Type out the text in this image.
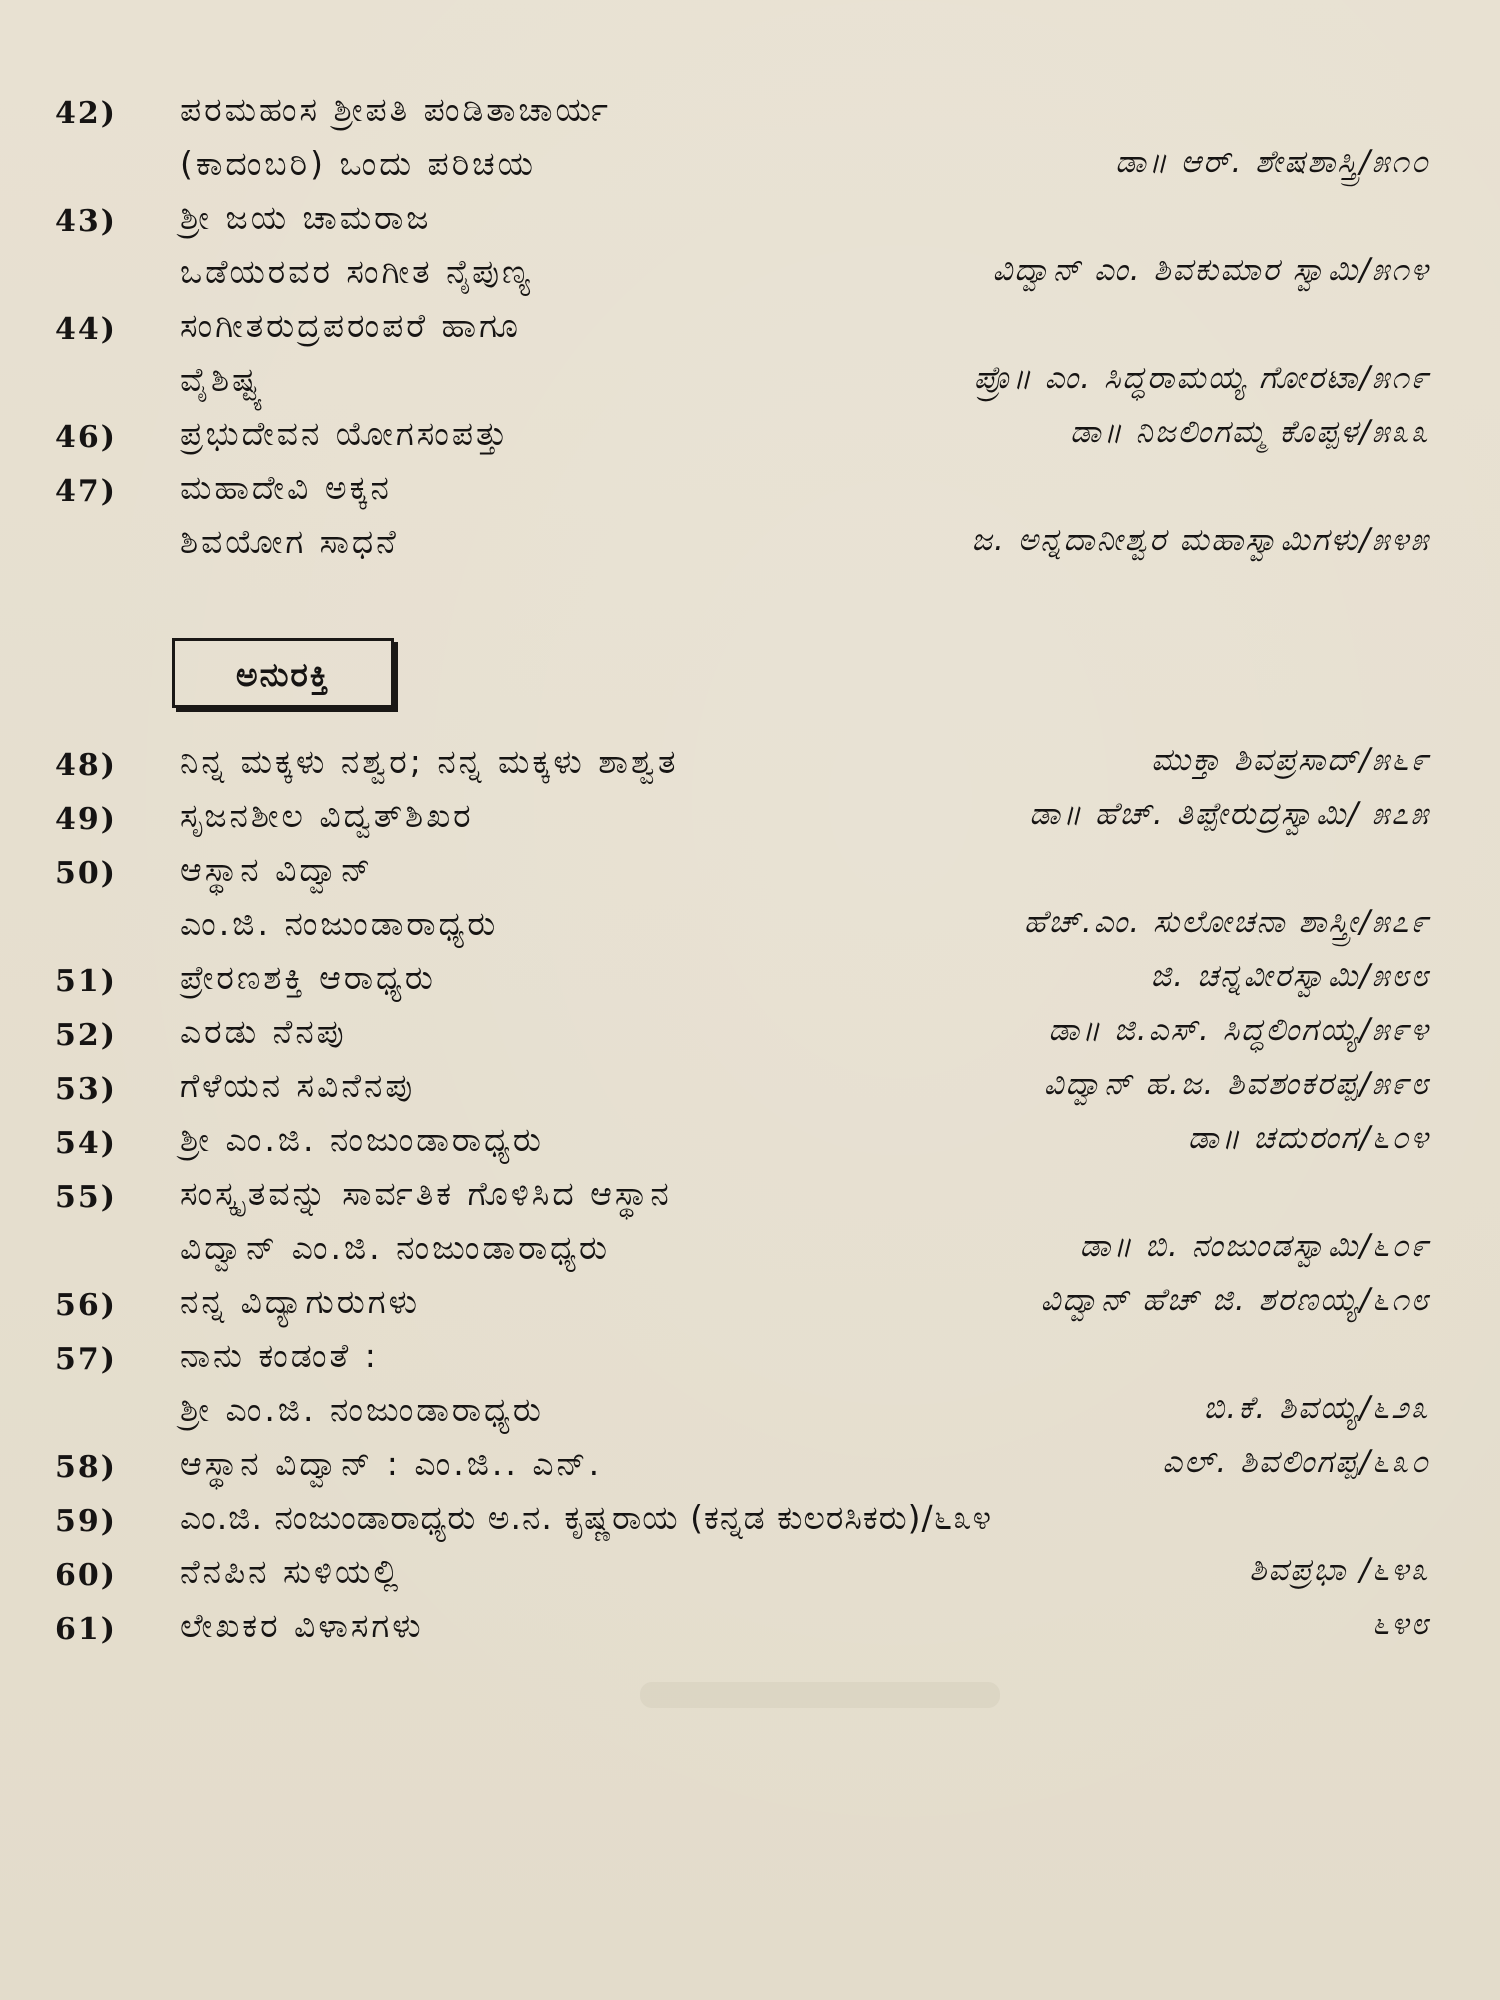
42)	ಪರಮಹಂಸ ಶ್ರೀಪತಿ ಪಂಡಿತಾಚಾರ್ಯ
(ಕಾದಂಬರಿ) ಒಂದು ಪರಿಚಯ	ಡಾ॥ ಆರ್. ಶೇಷಶಾಸ್ತ್ರಿ/೫೧೦
43)	ಶ್ರೀ ಜಯ ಚಾಮರಾಜ
ಒಡೆಯರವರ ಸಂಗೀತ ನೈಪುಣ್ಯ	ವಿದ್ವಾನ್ ಎಂ. ಶಿವಕುಮಾರ ಸ್ವಾಮಿ/೫೧೪
44)	ಸಂಗೀತರುದ್ರಪರಂಪರೆ ಹಾಗೂ
ವೈಶಿಷ್ಟ್ಯ	ಪ್ರೊ॥ ಎಂ. ಸಿದ್ಧರಾಮಯ್ಯ ಗೋರಟಾ/೫೧೯
46)	ಪ್ರಭುದೇವನ ಯೋಗಸಂಪತ್ತು	ಡಾ॥ ನಿಜಲಿಂಗಮ್ಮ ಕೊಪ್ಪಳ/೫೩೩
47)	ಮಹಾದೇವಿ ಅಕ್ಕನ
ಶಿವಯೋಗ ಸಾಧನೆ	ಜ. ಅನ್ನದಾನೀಶ್ವರ ಮಹಾಸ್ವಾಮಿಗಳು/೫೪೫
ಅನುರಕ್ತಿ
48)	ನಿನ್ನ ಮಕ್ಕಳು ನಶ್ವರ; ನನ್ನ ಮಕ್ಕಳು ಶಾಶ್ವತ	ಮುಕ್ತಾ ಶಿವಪ್ರಸಾದ್/೫೬೯
49)	ಸೃಜನಶೀಲ ವಿದ್ವತ್‌ಶಿಖರ	ಡಾ॥ ಹೆಚ್. ತಿಪ್ಪೇರುದ್ರಸ್ವಾಮಿ/ ೫೭೫
50)	ಆಸ್ಥಾನ ವಿದ್ವಾನ್
ಎಂ.ಜಿ. ನಂಜುಂಡಾರಾಧ್ಯರು	ಹೆಚ್.ಎಂ. ಸುಲೋಚನಾ ಶಾಸ್ತ್ರೀ/೫೭೯
51)	ಪ್ರೇರಣಶಕ್ತಿ ಆರಾಧ್ಯರು	ಜಿ. ಚನ್ನವೀರಸ್ವಾಮಿ/೫೮೮
52)	ಎರಡು ನೆನಪು	ಡಾ॥ ಜಿ.ಎಸ್. ಸಿದ್ಧಲಿಂಗಯ್ಯ/೫೯೪
53)	ಗೆಳೆಯನ ಸವಿನೆನಪು	ವಿದ್ವಾನ್ ಹ.ಜ. ಶಿವಶಂಕರಪ್ಪ/೫೯೮
54)	ಶ್ರೀ ಎಂ.ಜಿ. ನಂಜುಂಡಾರಾಧ್ಯರು	ಡಾ॥ ಚದುರಂಗ/೬೦೪
55)	ಸಂಸ್ಕೃತವನ್ನು ಸಾರ್ವತಿಕ ಗೊಳಿಸಿದ ಆಸ್ಥಾನ
ವಿದ್ವಾನ್ ಎಂ.ಜಿ. ನಂಜುಂಡಾರಾಧ್ಯರು	ಡಾ॥ ಬಿ. ನಂಜುಂಡಸ್ವಾಮಿ/೬೦೯
56)	ನನ್ನ ವಿದ್ಯಾಗುರುಗಳು	ವಿದ್ವಾನ್ ಹೆಚ್ ಜಿ. ಶರಣಯ್ಯ/೬೧೮
57)	ನಾನು ಕಂಡಂತೆ :
ಶ್ರೀ ಎಂ.ಜಿ. ನಂಜುಂಡಾರಾಧ್ಯರು	ಬಿ.ಕೆ. ಶಿವಯ್ಯ/೬೨೩
58)	ಆಸ್ಥಾನ ವಿದ್ವಾನ್ : ಎಂ.ಜಿ.. ಎನ್.	ಎಲ್. ಶಿವಲಿಂಗಪ್ಪ/೬೩೦
59)	ಎಂ.ಜಿ. ನಂಜುಂಡಾರಾಧ್ಯರು ಅ.ನ. ಕೃಷ್ಣರಾಯ (ಕನ್ನಡ ಕುಲರಸಿಕರು)/೬೩೪
60)	ನೆನಪಿನ ಸುಳಿಯಲ್ಲಿ	ಶಿವಪ್ರಭಾ /೬೪೩
61)	ಲೇಖಕರ ವಿಳಾಸಗಳು	೬೪೮
